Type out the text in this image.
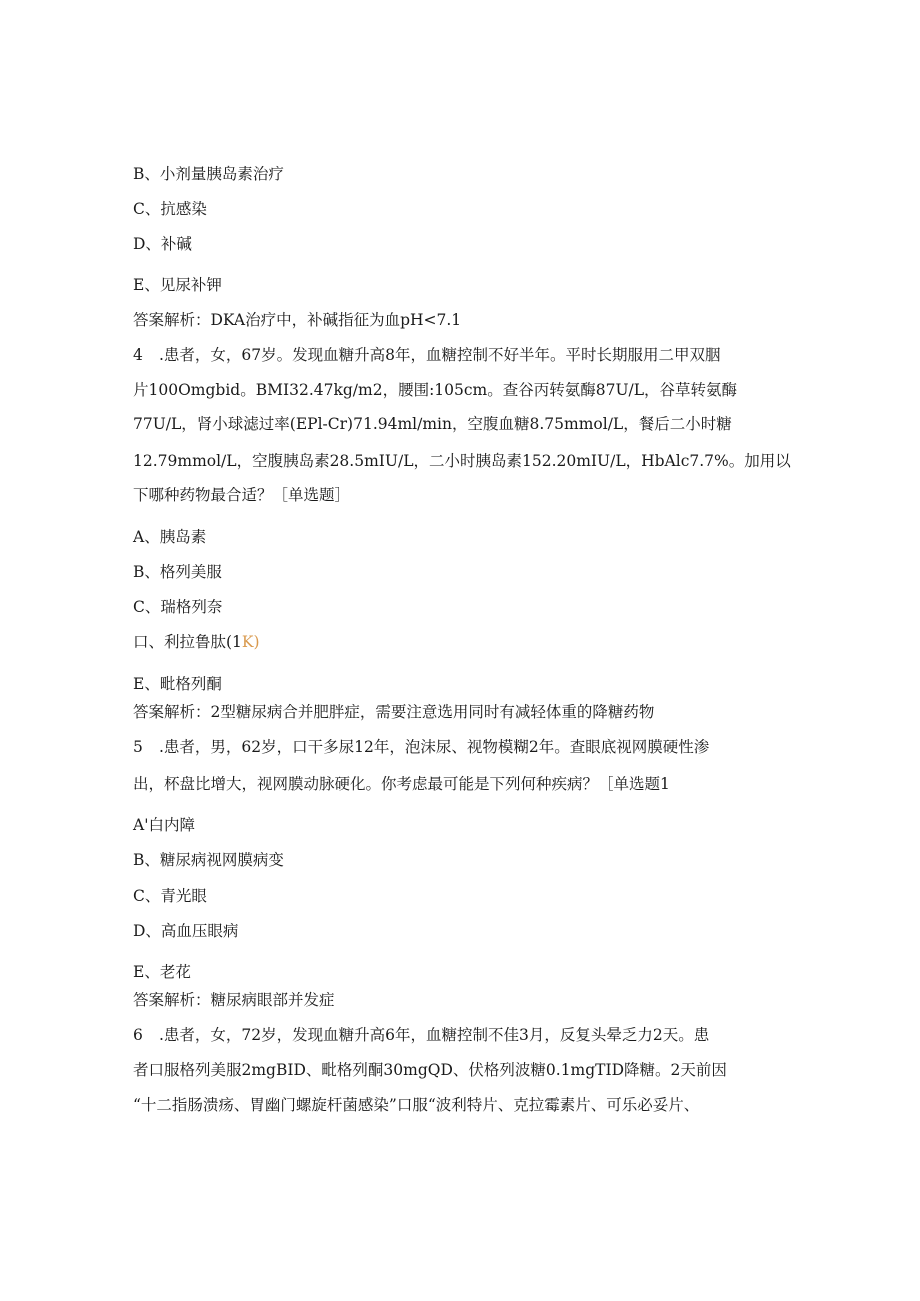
B、小剂量胰岛素治疗
C、抗感染
D、补碱
E、见尿补钾
答案解析：DKA治疗中，补碱指征为血pH<7.1
4 .患者，女，67岁。发现血糖升高8年，血糖控制不好半年。平时长期服用二甲双胭
片100Omgbid。BMI32.47kg∕m2，腰围:105cm。查谷丙转氨酶87U/L，谷草转氨酶
77U/L，肾小球滤过率(EPl-Cr)71.94ml∕min，空腹血糖8.75mmol∕L，餐后二小时糖
12.79mmol∕L，空腹胰岛素28.5mIU∕L，二小时胰岛素152.20mIU∕L，HbAlc7.7%。加用以
下哪种药物最合适？［单选题］
A、胰岛素
B、格列美服
C、瑞格列奈
口、利拉鲁肽(1K)
E、毗格列酮
答案解析：2型糖尿病合并肥胖症，需要注意选用同时有减轻体重的降糖药物
5 .患者，男，62岁，口干多尿12年，泡沫尿、视物模糊2年。查眼底视网膜硬性渗
出，杯盘比增大，视网膜动脉硬化。你考虑最可能是下列何种疾病？［单选题1
A'白内障
B、糖尿病视网膜病变
C、青光眼
D、高血压眼病
E、老花
答案解析：糖尿病眼部并发症
6 .患者，女，72岁，发现血糖升高6年，血糖控制不佳3月，反复头晕乏力2天。患
者口服格列美服2mgBID、毗格列酮30mgQD、伏格列波糖0.1mgTID降糖。2天前因
“十二指肠溃疡、胃幽门螺旋杆菌感染”口服“波利特片、克拉霉素片、可乐必妥片、
